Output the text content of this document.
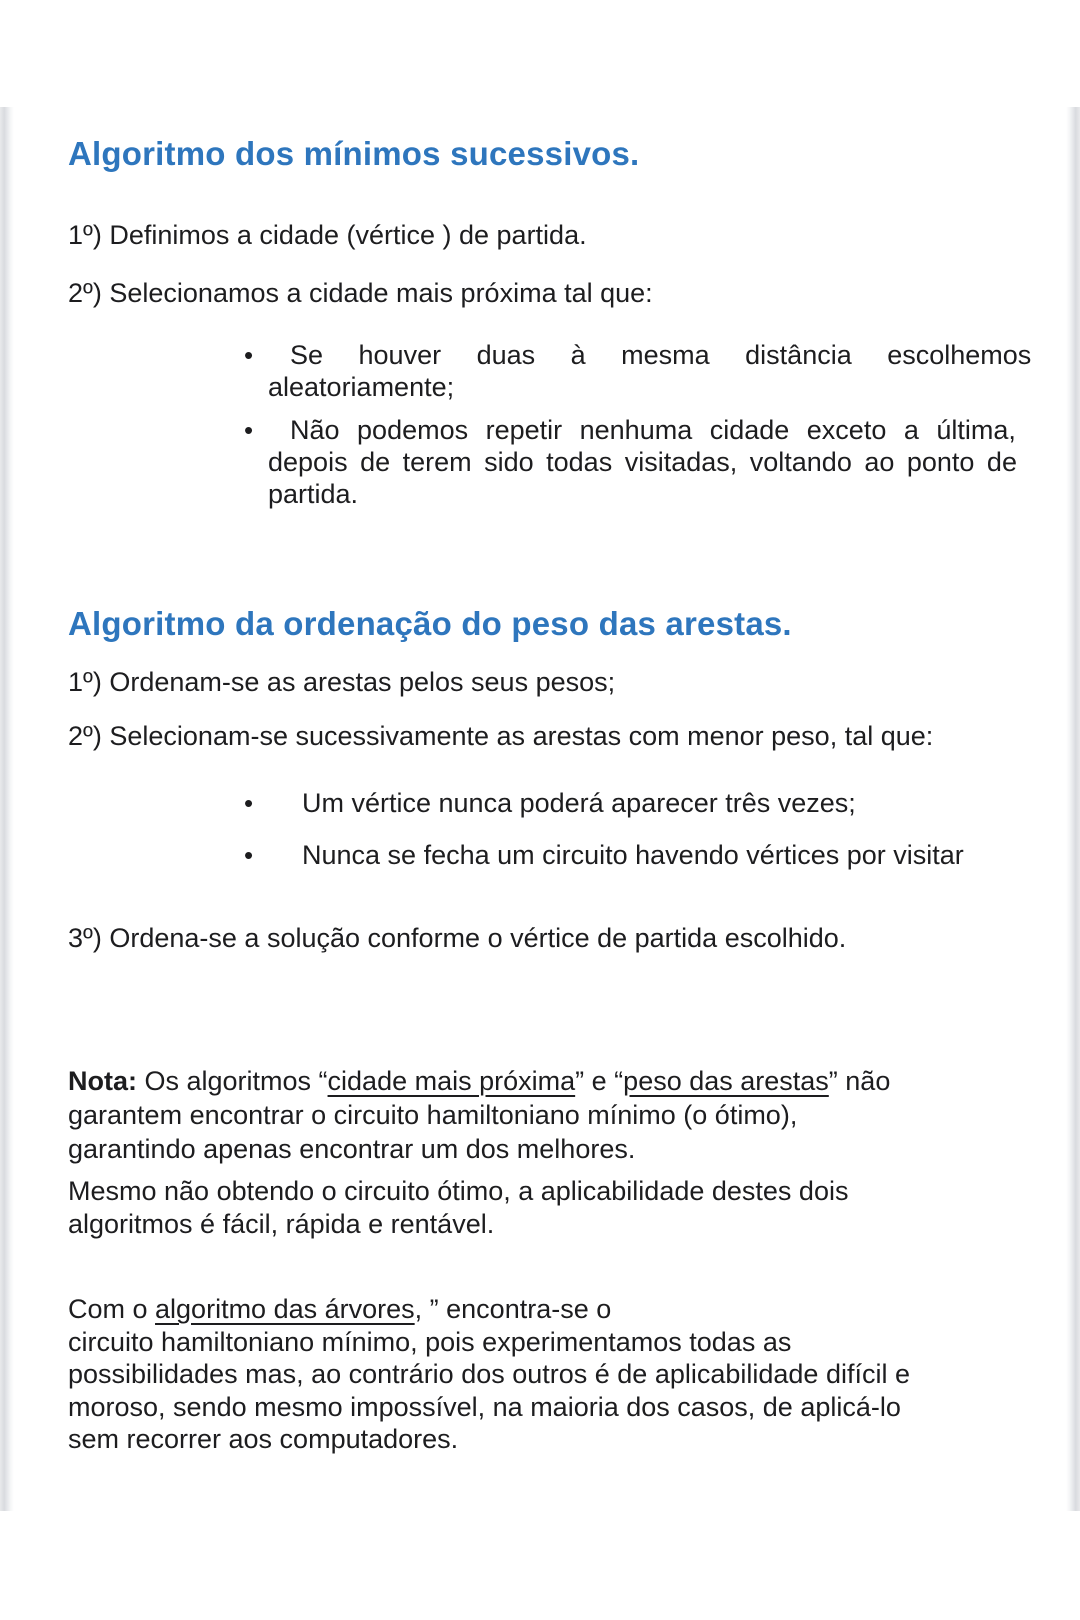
Algoritmo dos mínimos sucessivos.
1º) Definimos a cidade (vértice ) de partida.
2º) Selecionamos a cidade mais próxima tal que:
•	Se houver duas à mesma distância escolhemos
aleatoriamente;
•	Não podemos repetir nenhuma cidade exceto a última,
depois de terem sido todas visitadas, voltando ao ponto de
partida.
Algoritmo da ordenação do peso das arestas.
1º) Ordenam-se as arestas pelos seus pesos;
2º) Selecionam-se sucessivamente as arestas com menor peso, tal que:
•	Um vértice nunca poderá aparecer três vezes;
•	Nunca se fecha um circuito havendo vértices por visitar
3º) Ordena-se a solução conforme o vértice de partida escolhido.
Nota: Os algoritmos “cidade mais próxima” e “peso das arestas” não
garantem encontrar o circuito hamiltoniano mínimo (o ótimo),
garantindo apenas encontrar um dos melhores.
Mesmo não obtendo o circuito ótimo, a aplicabilidade destes dois
algoritmos é fácil, rápida e rentável.
Com o algoritmo das árvores, ” encontra-se o
circuito hamiltoniano mínimo, pois experimentamos todas as
possibilidades mas, ao contrário dos outros é de aplicabilidade difícil e
moroso, sendo mesmo impossível, na maioria dos casos, de aplicá-lo
sem recorrer aos computadores.
